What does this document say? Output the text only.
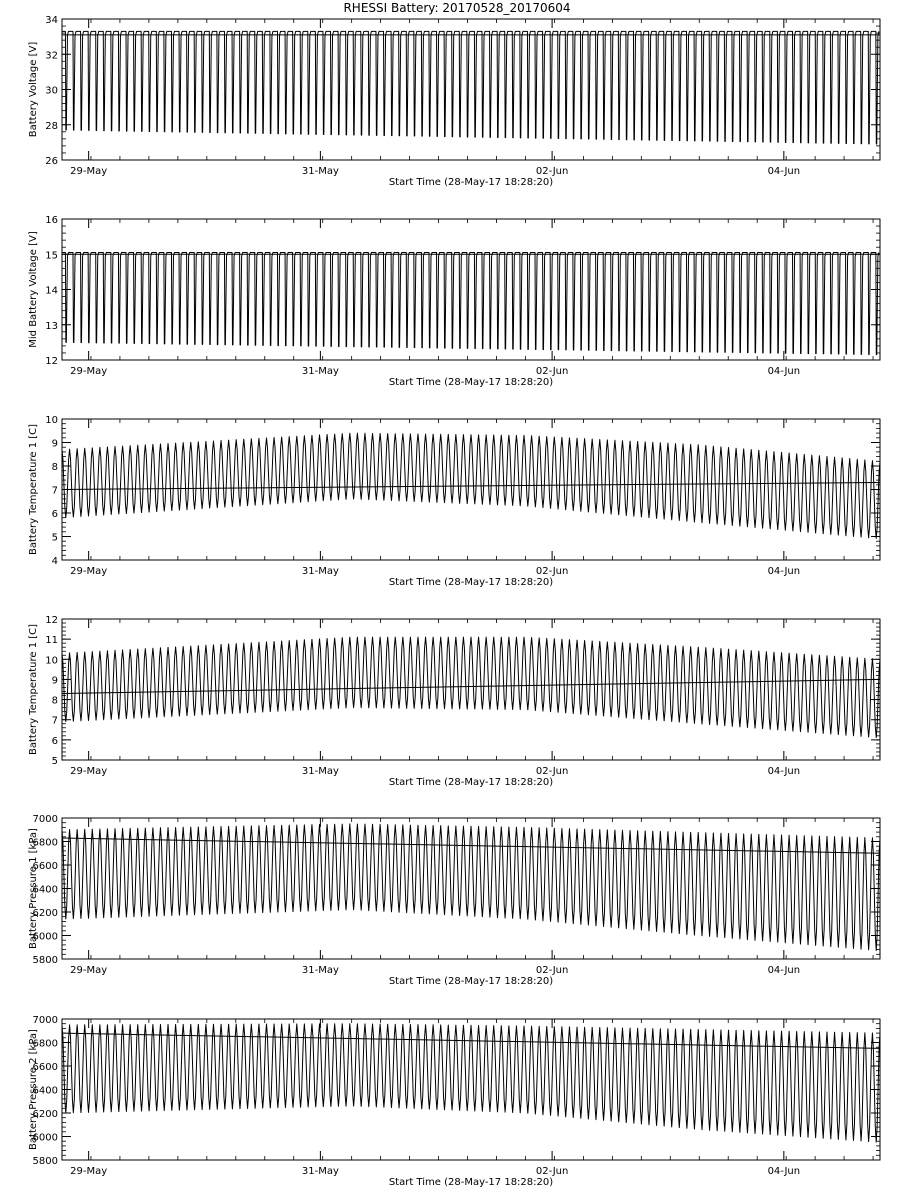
RHESSI Battery: 20170528_20170604
26
28
30
32
34
29-May	31-May	02-Jun	04-Jun
Start Time (28-May-17 18:28:20)
Battery Voltage [V]
12
13
14
15
16
29-May	31-May	02-Jun	04-Jun
Start Time (28-May-17 18:28:20)
Mid Battery Voltage [V]
4
5
6
7
8
9
10
29-May	31-May	02-Jun	04-Jun
Start Time (28-May-17 18:28:20)
Battery Temperature 1 [C]
5
6
7
8
9
10
11
12
29-May	31-May	02-Jun	04-Jun
Start Time (28-May-17 18:28:20)
Battery Temperature 1 [C]
5800
6000
6200
6400
6600
6800
7000
29-May	31-May	02-Jun	04-Jun
Start Time (28-May-17 18:28:20)
Battery Pressure 1 [kPa]
5800
6000
6200
6400
6600
6800
7000
29-May	31-May	02-Jun	04-Jun
Start Time (28-May-17 18:28:20)
Battery Pressure 2 [kPa]
